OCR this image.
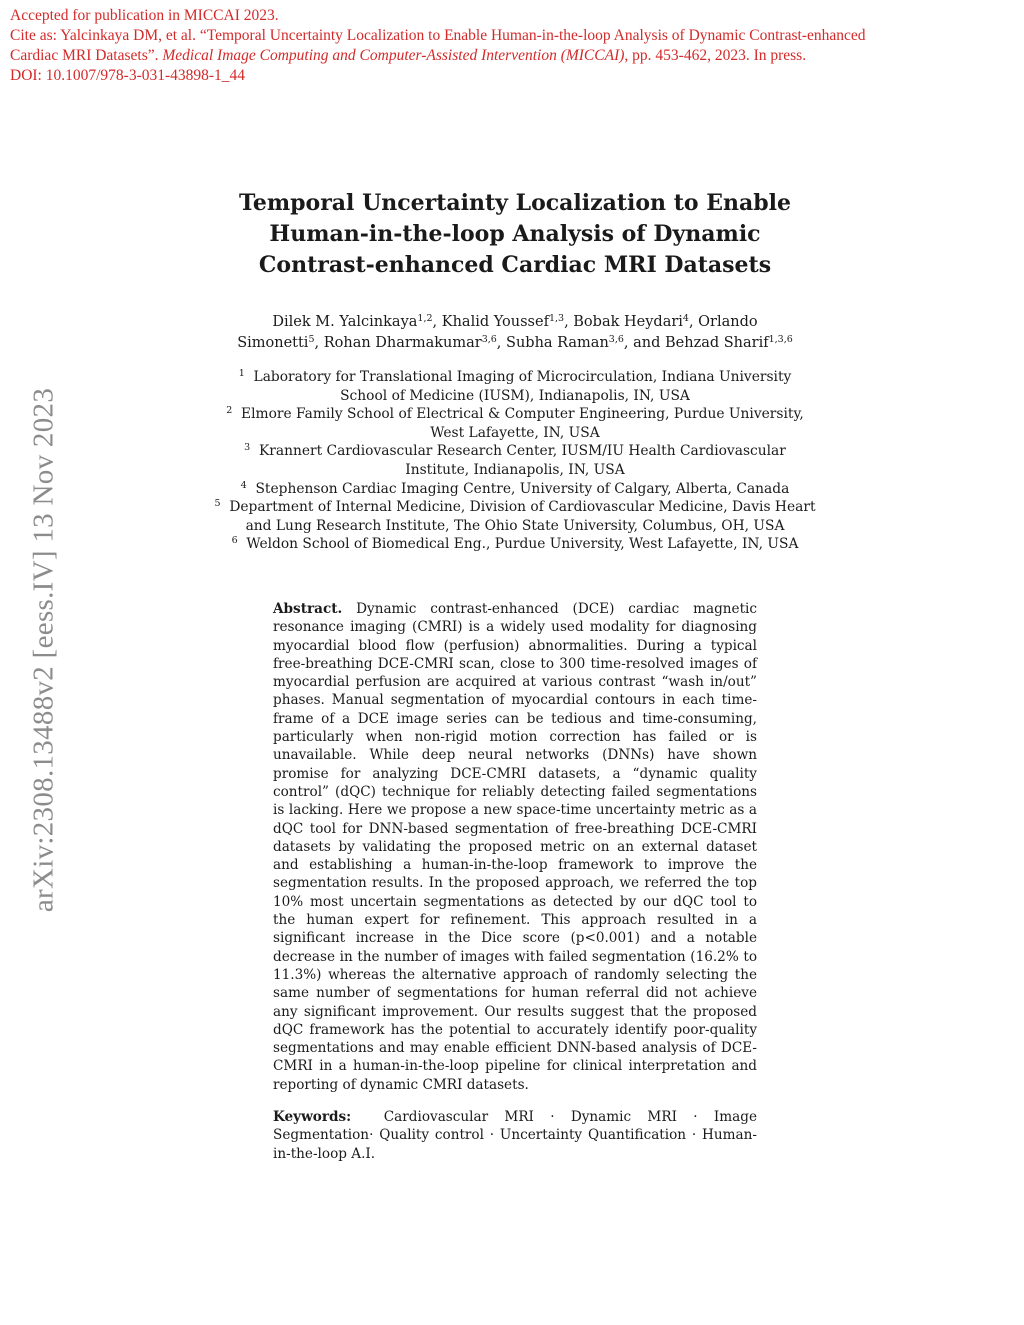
Accepted for publication in MICCAI 2023.
Cite as: Yalcinkaya DM, et al. “Temporal Uncertainty Localization to Enable Human-in-the-loop Analysis of Dynamic Contrast-enhanced
Cardiac MRI Datasets”. Medical Image Computing and Computer-Assisted Intervention (MICCAI), pp. 453-462, 2023. In press.
DOI: 10.1007/978-3-031-43898-1_44
arXiv:2308.13488v2 [eess.IV] 13 Nov 2023
Temporal Uncertainty Localization to Enable
Human-in-the-loop Analysis of Dynamic
Contrast-enhanced Cardiac MRI Datasets
Dilek M. Yalcinkaya$^{1,2}$, Khalid Youssef$^{1,3}$, Bobak Heydari$^4$, Orlando
Simonetti$^5$, Rohan Dharmakumar$^{3,6}$, Subha Raman$^{3,6}$, and Behzad Sharif$^{1,3,6}$

$^1$ Laboratory for Translational Imaging of Microcirculation, Indiana University
School of Medicine (IUSM), Indianapolis, IN, USA

$^2$ Elmore Family School of Electrical & Computer Engineering, Purdue University,
West Lafayette, IN, USA

$^3$ Krannert Cardiovascular Research Center, IUSM/IU Health Cardiovascular
Institute, Indianapolis, IN, USA

$^4$ Stephenson Cardiac Imaging Centre, University of Calgary, Alberta, Canada

$^5$ Department of Internal Medicine, Division of Cardiovascular Medicine, Davis Heart
and Lung Research Institute, The Ohio State University, Columbus, OH, USA

$^6$ Weldon School of Biomedical Eng., Purdue University, West Lafayette, IN, USA

Abstract. Dynamic contrast-enhanced (DCE) cardiac magnetic resonance imaging (CMRI) is a widely used modality for diagnosing myocardial blood flow (perfusion) abnormalities. During a typical free-breathing DCE-CMRI scan, close to 300 time-resolved images of myocardial perfusion are acquired at various contrast “wash in/out” phases. Manual segmentation of myocardial contours in each time-frame of a DCE image series can be tedious and time-consuming, particularly when non-rigid motion correction has failed or is unavailable. While deep neural networks (DNNs) have shown promise for analyzing DCE-CMRI datasets, a “dynamic quality control” (dQC) technique for reliably detecting failed segmentations is lacking. Here we propose a new space-time uncertainty metric as a dQC tool for DNN-based segmentation of free-breathing DCE-CMRI datasets by validating the proposed metric on an external dataset and establishing a human-in-the-loop framework to improve the segmentation results. In the proposed approach, we referred the top 10% most uncertain segmentations as detected by our dQC tool to the human expert for refinement. This approach resulted in a significant increase in the Dice score (p<0.001) and a notable decrease in the number of images with failed segmentation (16.2% to 11.3%) whereas the alternative approach of randomly selecting the same number of segmentations for human referral did not achieve any significant improvement. Our results suggest that the proposed dQC framework has the potential to accurately identify poor-quality segmentations and may enable efficient DNN-based analysis of DCE-CMRI in a human-in-the-loop pipeline for clinical interpretation and reporting of dynamic CMRI datasets.

Keywords: Cardiovascular MRI · Dynamic MRI · Image Segmentation· Quality control · Uncertainty Quantification · Human-in-the-loop A.I.
